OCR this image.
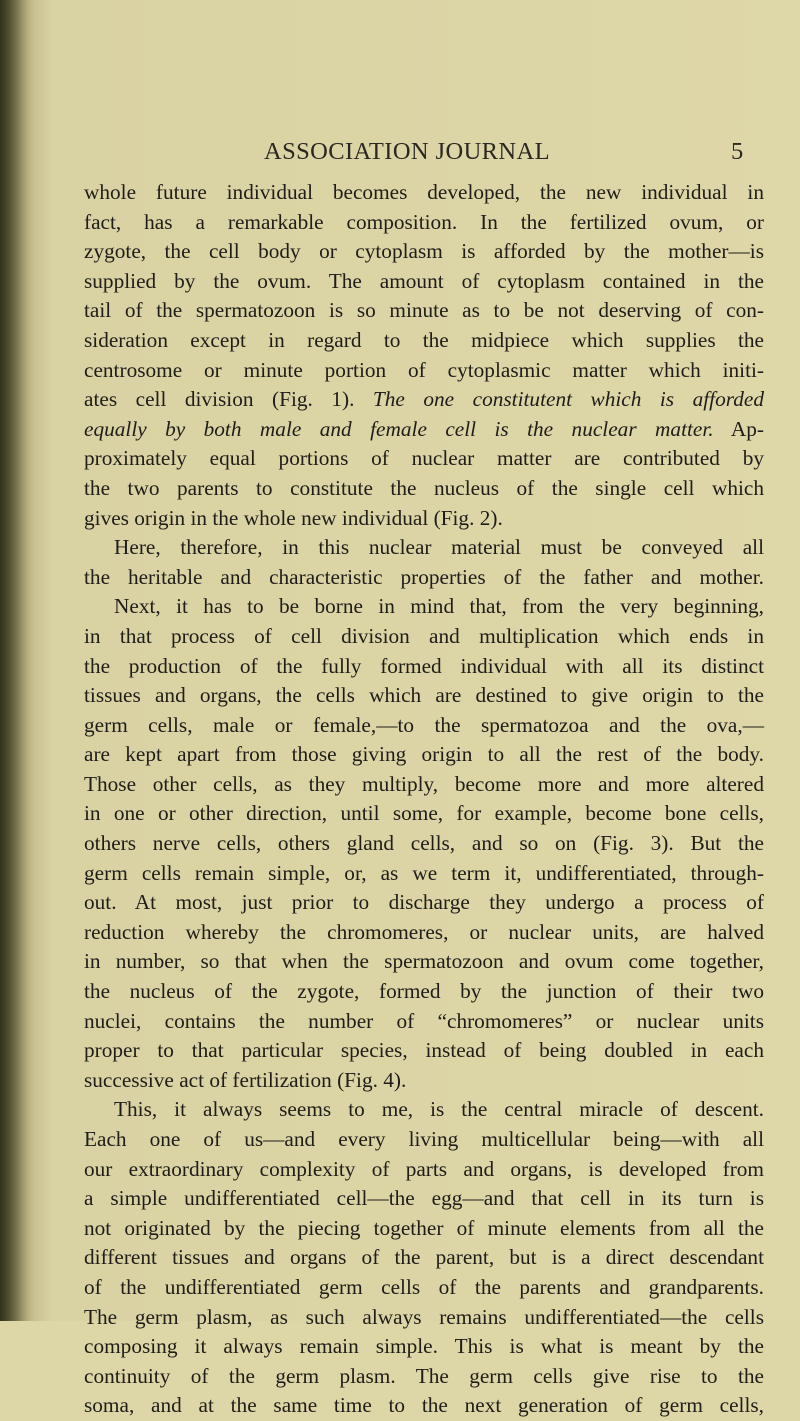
ASSOCIATION JOURNAL	5
whole future individual becomes developed, the new individual in
fact, has a remarkable composition. In the fertilized ovum, or
zygote, the cell body or cytoplasm is afforded by the mother—is
supplied by the ovum. The amount of cytoplasm contained in the
tail of the spermatozoon is so minute as to be not deserving of con-
sideration except in regard to the midpiece which supplies the
centrosome or minute portion of cytoplasmic matter which initi-
ates cell division (Fig. 1). The one constitutent which is afforded
equally by both male and female cell is the nuclear matter. Ap-
proximately equal portions of nuclear matter are contributed by
the two parents to constitute the nucleus of the single cell which
gives origin in the whole new individual (Fig. 2).
Here, therefore, in this nuclear material must be conveyed all
the heritable and characteristic properties of the father and mother.
Next, it has to be borne in mind that, from the very beginning,
in that process of cell division and multiplication which ends in
the production of the fully formed individual with all its distinct
tissues and organs, the cells which are destined to give origin to the
germ cells, male or female,—to the spermatozoa and the ova,—
are kept apart from those giving origin to all the rest of the body.
Those other cells, as they multiply, become more and more altered
in one or other direction, until some, for example, become bone cells,
others nerve cells, others gland cells, and so on (Fig. 3). But the
germ cells remain simple, or, as we term it, undifferentiated, through-
out. At most, just prior to discharge they undergo a process of
reduction whereby the chromomeres, or nuclear units, are halved
in number, so that when the spermatozoon and ovum come together,
the nucleus of the zygote, formed by the junction of their two
nuclei, contains the number of “chromomeres” or nuclear units
proper to that particular species, instead of being doubled in each
successive act of fertilization (Fig. 4).
This, it always seems to me, is the central miracle of descent.
Each one of us—and every living multicellular being—with all
our extraordinary complexity of parts and organs, is developed from
a simple undifferentiated cell—the egg—and that cell in its turn is
not originated by the piecing together of minute elements from all the
different tissues and organs of the parent, but is a direct descendant
of the undifferentiated germ cells of the parents and grandparents.
The germ plasm, as such always remains undifferentiated—the cells
composing it always remain simple. This is what is meant by the
continuity of the germ plasm. The germ cells give rise to the
soma, and at the same time to the next generation of germ cells,
